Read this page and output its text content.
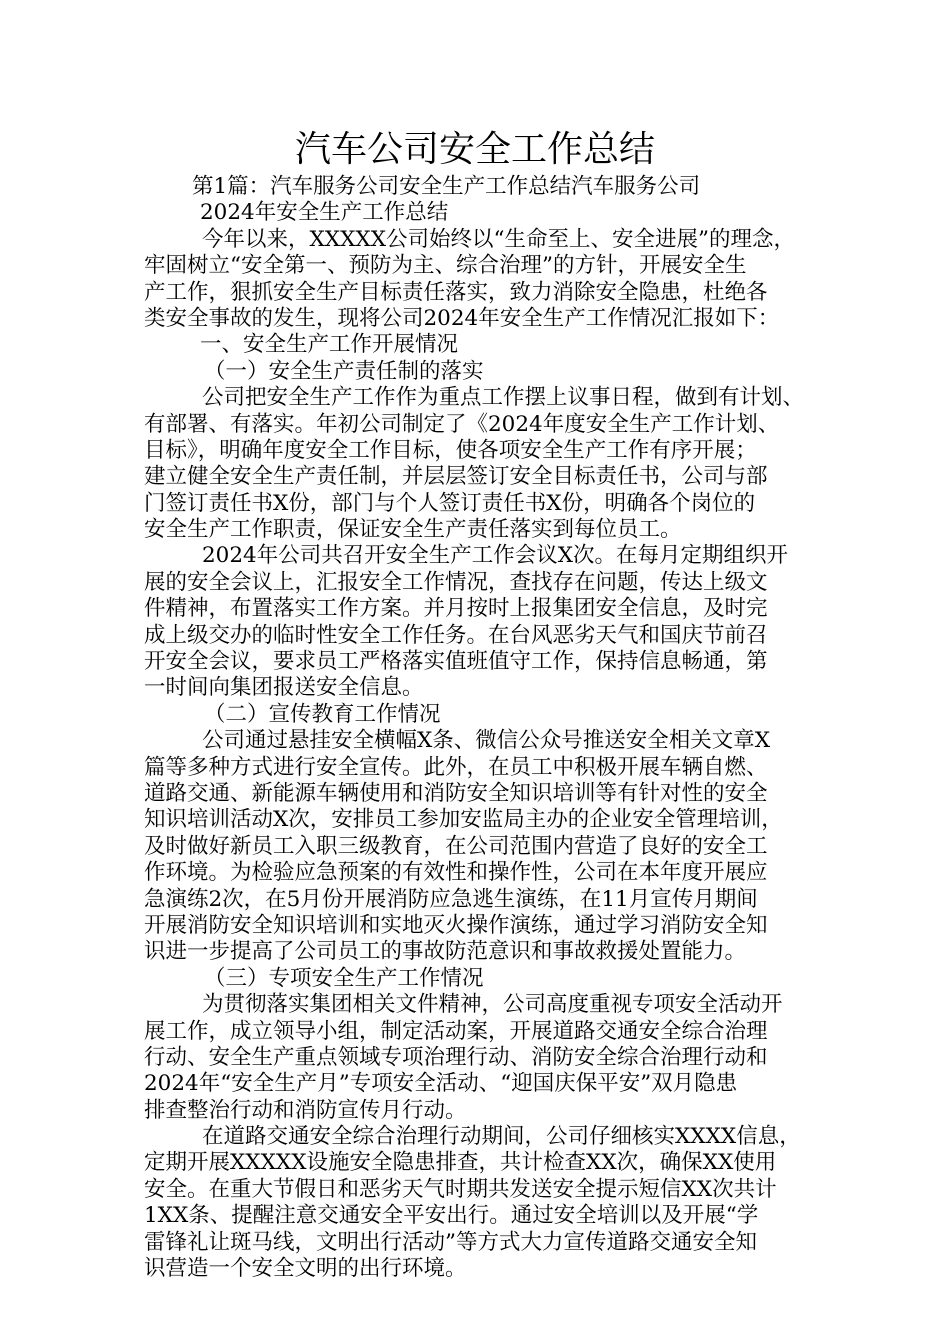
汽车公司安全工作总结
第1篇：汽车服务公司安全生产工作总结汽车服务公司
2024年安全生产工作总结
今年以来，XXXXX公司始终以“生命至上、安全进展”的理念，
牢固树立“安全第一、预防为主、综合治理”的方针，开展安全生
产工作，狠抓安全生产目标责任落实，致力消除安全隐患，杜绝各
类安全事故的发生，现将公司2024年安全生产工作情况汇报如下：
一、安全生产工作开展情况
（一）安全生产责任制的落实
公司把安全生产工作作为重点工作摆上议事日程，做到有计划、
有部署、有落实。年初公司制定了《2024年度安全生产工作计划、
目标》，明确年度安全工作目标，使各项安全生产工作有序开展；
建立健全安全生产责任制，并层层签订安全目标责任书，公司与部
门签订责任书X份，部门与个人签订责任书X份，明确各个岗位的
安全生产工作职责，保证安全生产责任落实到每位员工。
2024年公司共召开安全生产工作会议X次。在每月定期组织开
展的安全会议上，汇报安全工作情况，查找存在问题，传达上级文
件精神，布置落实工作方案。并月按时上报集团安全信息，及时完
成上级交办的临时性安全工作任务。在台风恶劣天气和国庆节前召
开安全会议，要求员工严格落实值班值守工作，保持信息畅通，第
一时间向集团报送安全信息。
（二）宣传教育工作情况
公司通过悬挂安全横幅X条、微信公众号推送安全相关文章X
篇等多种方式进行安全宣传。此外，在员工中积极开展车辆自燃、
道路交通、新能源车辆使用和消防安全知识培训等有针对性的安全
知识培训活动X次，安排员工参加安监局主办的企业安全管理培训，
及时做好新员工入职三级教育，在公司范围内营造了良好的安全工
作环境。为检验应急预案的有效性和操作性，公司在本年度开展应
急演练2次，在5月份开展消防应急逃生演练，在11月宣传月期间
开展消防安全知识培训和实地灭火操作演练，通过学习消防安全知
识进一步提高了公司员工的事故防范意识和事故救援处置能力。
（三）专项安全生产工作情况
为贯彻落实集团相关文件精神，公司高度重视专项安全活动开
展工作，成立领导小组，制定活动案，开展道路交通安全综合治理
行动、安全生产重点领域专项治理行动、消防安全综合治理行动和
2024年“安全生产月”专项安全活动、“迎国庆保平安”双月隐患
排查整治行动和消防宣传月行动。
在道路交通安全综合治理行动期间，公司仔细核实XXXX信息，
定期开展XXXXX设施安全隐患排查，共计检查XX次，确保XX使用
安全。在重大节假日和恶劣天气时期共发送安全提示短信XX次共计
1XX条、提醒注意交通安全平安出行。通过安全培训以及开展“学
雷锋礼让斑马线，文明出行活动”等方式大力宣传道路交通安全知
识营造一个安全文明的出行环境。
